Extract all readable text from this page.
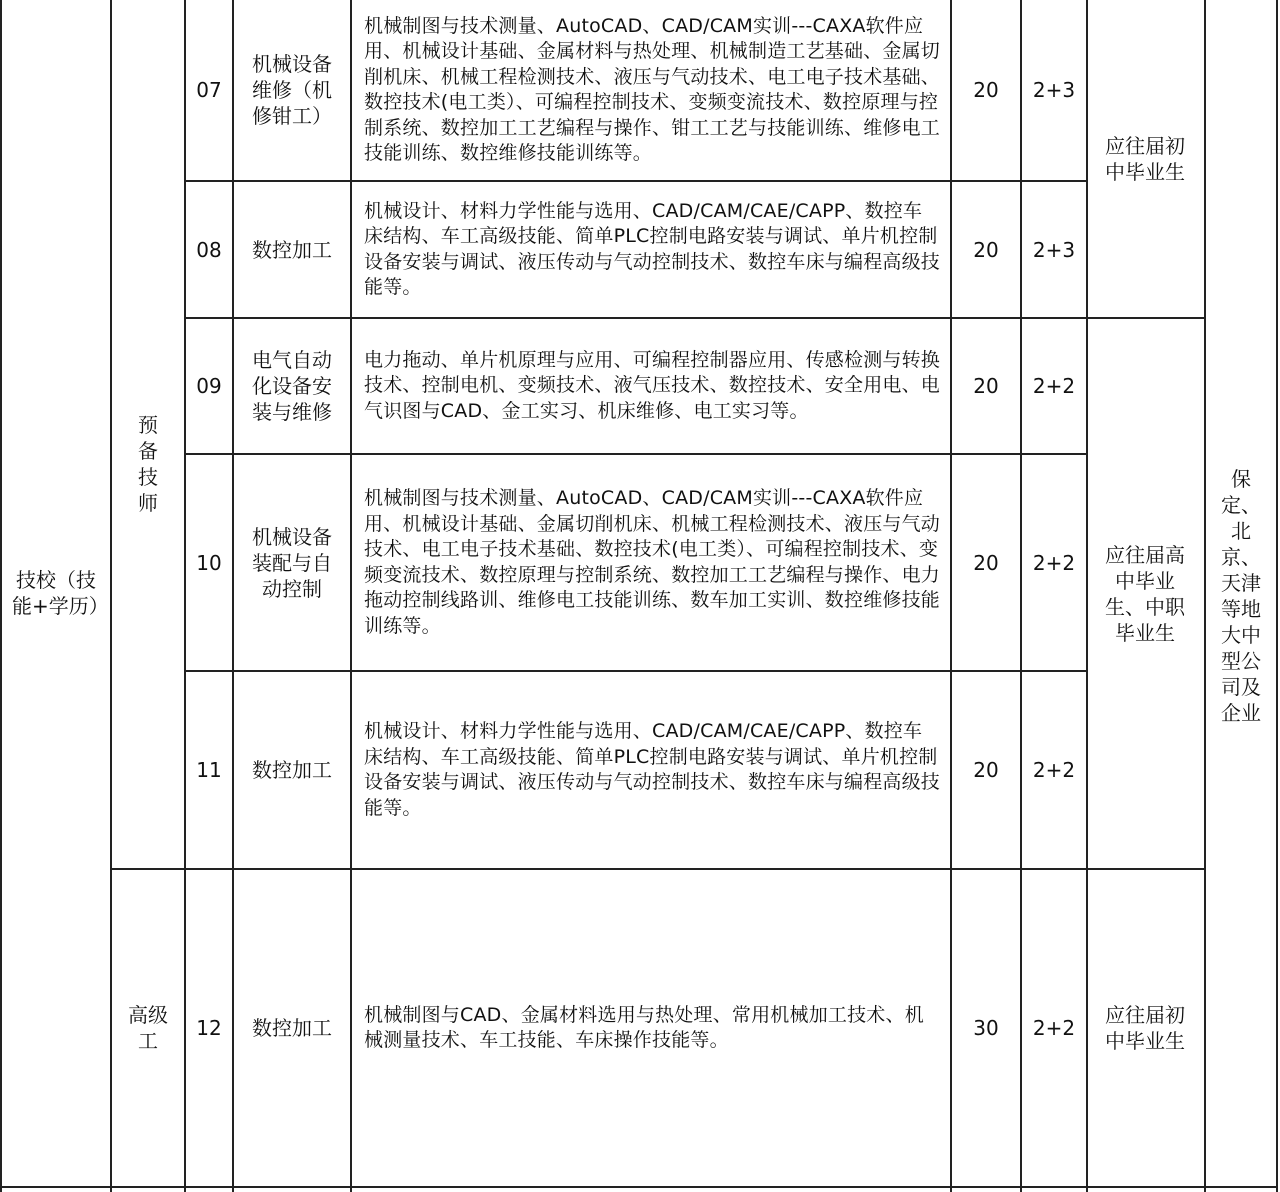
技校（技能+学历）
预备技师
高级工
07
机械设备维修（机修钳工）
机械制图与技术测量、AutoCAD、CAD/CAM实训---CAXA软件应用、机械设计基础、金属材料与热处理、机械制造工艺基础、金属切削机床、机械工程检测技术、液压与气动技术、电工电子技术基础、数控技术(电工类）、可编程控制技术、变频变流技术、数控原理与控制系统、数控加工工艺编程与操作、钳工工艺与技能训练、维修电工技能训练、数控维修技能训练等。
20 2+3
08 数控加工
机械设计、材料力学性能与选用、CAD/CAM/CAE/CAPP、数控车床结构、车工高级技能、简单PLC控制电路安装与调试、单片机控制设备安装与调试、液压传动与气动控制技术、数控车床与编程高级技能等。
20 2+3
09
电气自动化设备安装与维修
电力拖动、单片机原理与应用、可编程控制器应用、传感检测与转换技术、控制电机、变频技术、液气压技术、数控技术、安全用电、电气识图与CAD、金工实习、机床维修、电工实习等。
20 2+2
10
机械设备装配与自动控制
机械制图与技术测量、AutoCAD、CAD/CAM实训---CAXA软件应用、机械设计基础、金属切削机床、机械工程检测技术、液压与气动技术、电工电子技术基础、数控技术(电工类）、可编程控制技术、变频变流技术、数控原理与控制系统、数控加工工艺编程与操作、电力拖动控制线路训、维修电工技能训练、数车加工实训、数控维修技能训练等。
20 2+2
11 数控加工
机械设计、材料力学性能与选用、CAD/CAM/CAE/CAPP、数控车床结构、车工高级技能、简单PLC控制电路安装与调试、单片机控制设备安装与调试、液压传动与气动控制技术、数控车床与编程高级技能等。
20 2+2
12 数控加工
机械制图与CAD、金属材料选用与热处理、常用机械加工技术、机械测量技术、车工技能、车床操作技能等。	30 2+2
应往届初中毕业生
应往届高中毕业生、中职毕业生
应往届初中毕业生
保定、北京、天津等地大中型公司及企业
